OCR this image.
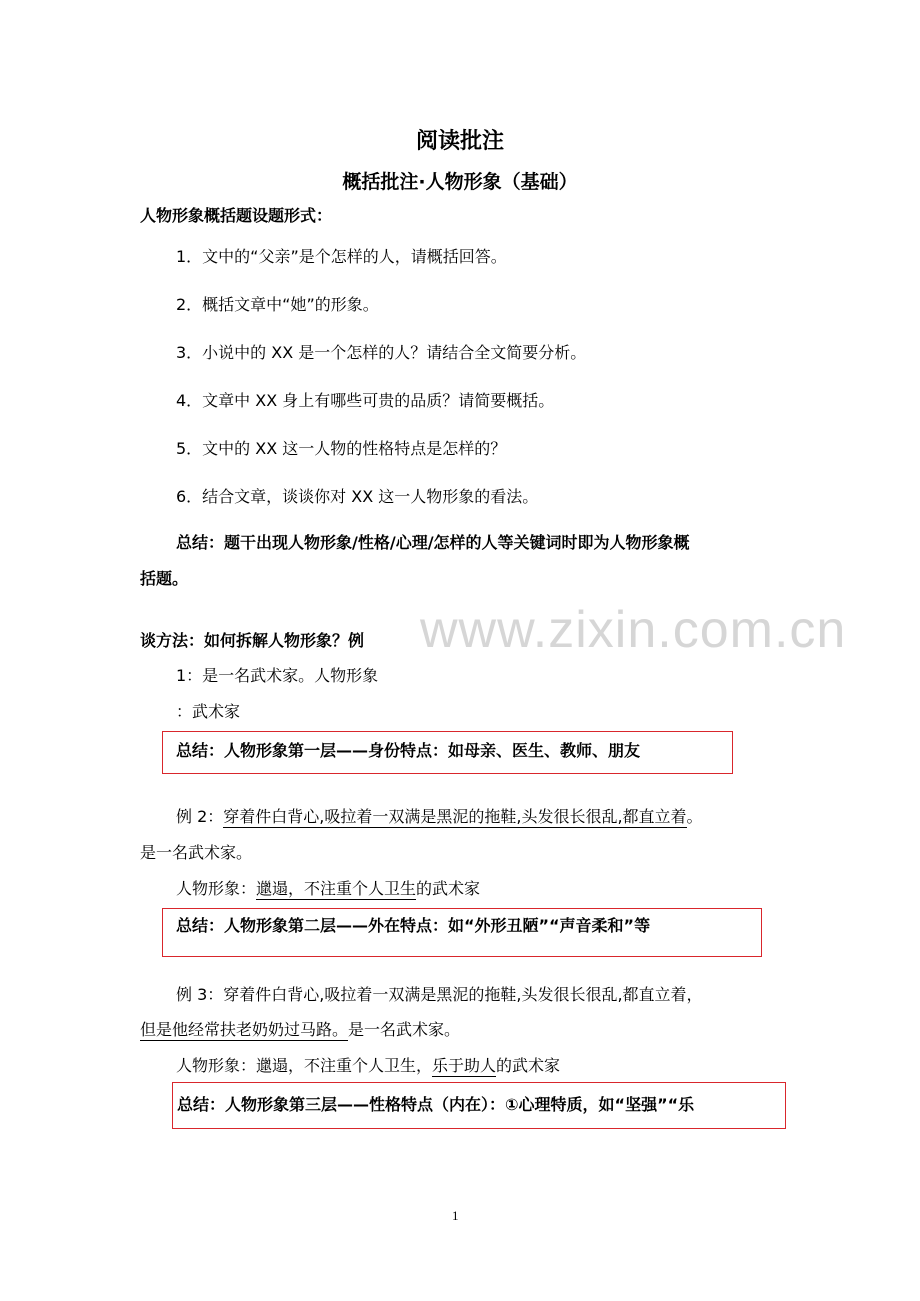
www.zixin.com.cn
阅读批注
概括批注·人物形象（基础）
人物形象概括题设题形式：
1．文中的“父亲”是个怎样的人，请概括回答。
2．概括文章中“她”的形象。
3．小说中的 XX 是一个怎样的人？请结合全文简要分析。
4．文章中 XX 身上有哪些可贵的品质？请简要概括。
5．文中的 XX 这一人物的性格特点是怎样的？
6．结合文章，谈谈你对 XX 这一人物形象的看法。
总结：题干出现人物形象/性格/心理/怎样的人等关键词时即为人物形象概
括题。
谈方法：如何拆解人物形象？例
1：是一名武术家。人物形象
：武术家
总结：人物形象第一层——身份特点：如母亲、医生、教师、朋友
例 2：穿着件白背心,吸拉着一双满是黑泥的拖鞋,头发很长很乱,都直立着。
是一名武术家。
人物形象：邋遢，不注重个人卫生的武术家
总结：人物形象第二层——外在特点：如“外形丑陋”“声音柔和”等
例 3：穿着件白背心,吸拉着一双满是黑泥的拖鞋,头发很长很乱,都直立着，
但是他经常扶老奶奶过马路。是一名武术家。
人物形象：邋遢，不注重个人卫生，乐于助人的武术家
总结：人物形象第三层——性格特点（内在）：①心理特质，如“坚强”“乐
1
